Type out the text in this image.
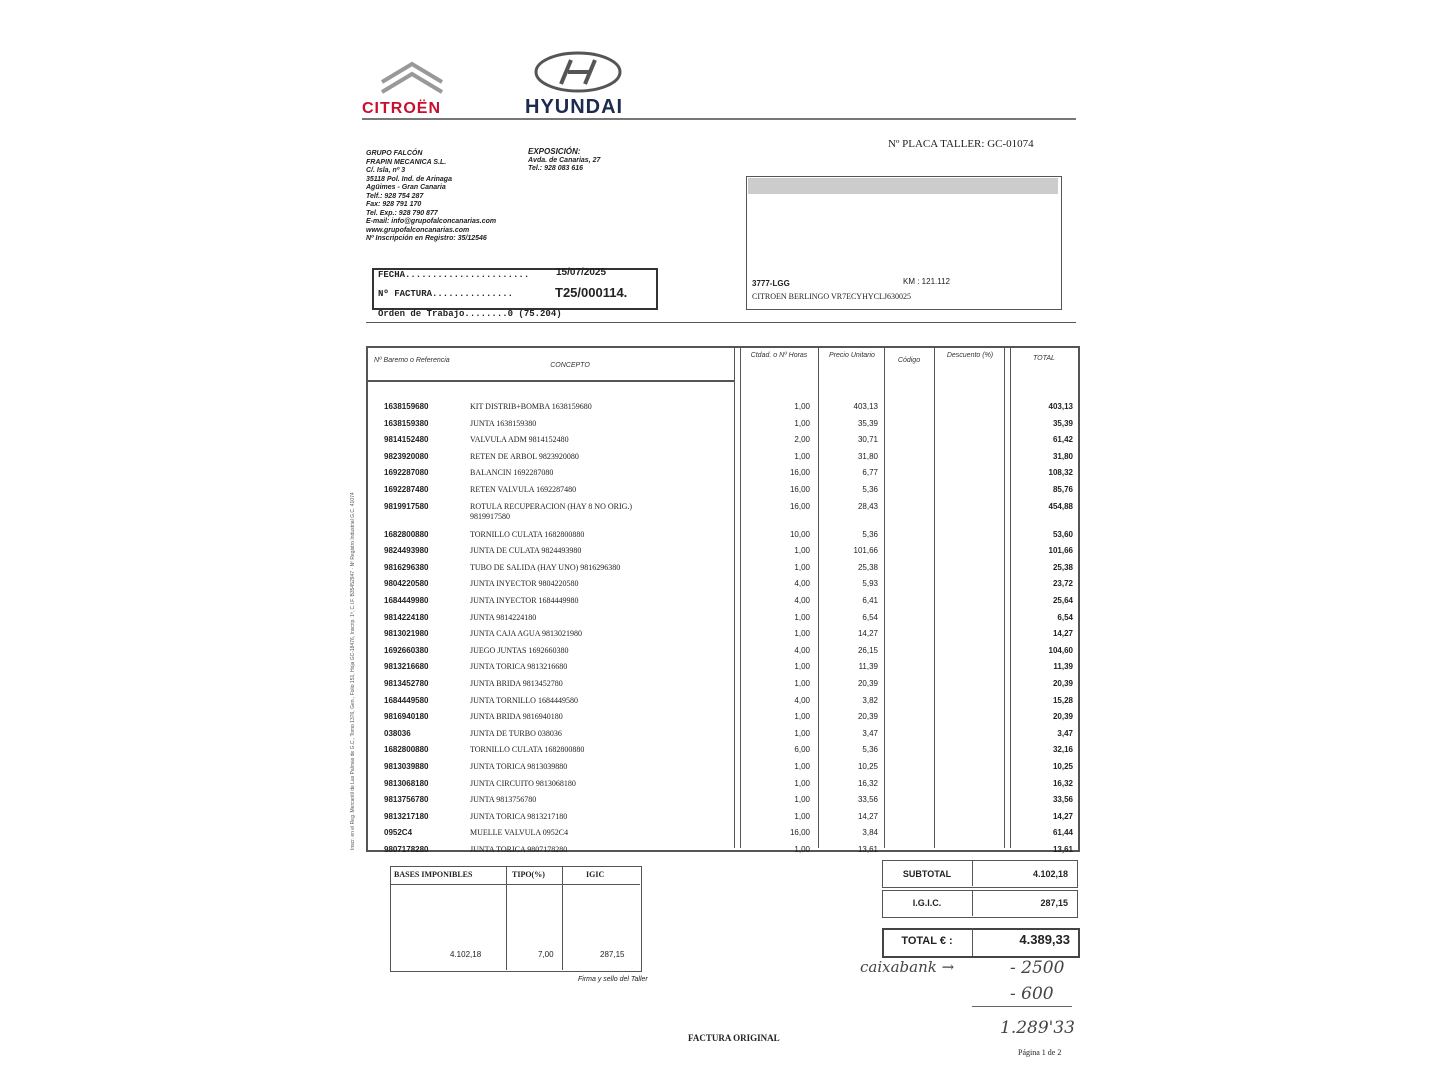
CITROËN	HYUNDAI
Nº PLACA TALLER: GC-01074
GRUPO FALCÓN
FRAPIN MECANICA S.L.
C/. Isla, nº 3
35118 Pol. Ind. de Arinaga
Agüimes - Gran Canaria
Telf.: 928 754 287
Fax: 928 791 170
Tel. Exp.: 928 790 877
E-mail: info@grupofalconcanarias.com
www.grupofalconcanarias.com
Nº Inscripción en Registro: 35/12546
EXPOSICIÓN:
Avda. de Canarias, 27
Tel.: 928 083 616
3777-LGG	KM : 121.112
CITROEN BERLINGO VR7ECYHYCLJ630025
FECHA.......................	15/07/2025
Nº FACTURA...............	T25/000114.
Orden de Trabajo........0 (75.204)
Nº Baremo o Referencia
CONCEPTO
Ctdad. o Nº Horas	Precio Unitario
Código
Descuento (%)	TOTAL
1638159680	KIT DISTRIB+BOMBA 1638159680	1,00	403,13	403,13
1638159380	JUNTA 1638159380	1,00	35,39	35,39
9814152480	VALVULA ADM 9814152480	2,00	30,71	61,42
9823920080	RETEN DE ARBOL 9823920080	1,00	31,80	31,80
1692287080	BALANCIN 1692287080	16,00	6,77	108,32
1692287480	RETEN VALVULA 1692287480	16,00	5,36	85,76
9819917580	ROTULA RECUPERACION (HAY 8 NO ORIG.)	16,00	28,43	454,88
9819917580
1682800880	TORNILLO CULATA 1682800880	10,00	5,36	53,60
9824493980	JUNTA DE CULATA 9824493980	1,00	101,66	101,66
9816296380	TUBO DE SALIDA (HAY UNO) 9816296380	1,00	25,38	25,38
9804220580	JUNTA INYECTOR 9804220580	4,00	5,93	23,72
1684449980	JUNTA INYECTOR 1684449980	4,00	6,41	25,64
9814224180	JUNTA 9814224180	1,00	6,54	6,54
9813021980	JUNTA CAJA AGUA 9813021980	1,00	14,27	14,27
1692660380	JUEGO JUNTAS 1692660380	4,00	26,15	104,60
9813216680	JUNTA TORICA 9813216680	1,00	11,39	11,39
9813452780	JUNTA BRIDA 9813452780	1,00	20,39	20,39
1684449580	JUNTA TORNILLO 1684449580	4,00	3,82	15,28
9816940180	JUNTA BRIDA 9816940180	1,00	20,39	20,39
038036	JUNTA DE TURBO 038036	1,00	3,47	3,47
1682800880	TORNILLO CULATA 1682800880	6,00	5,36	32,16
9813039880	JUNTA TORICA 9813039880	1,00	10,25	10,25
9813068180	JUNTA CIRCUITO 9813068180	1,00	16,32	16,32
9813756780	JUNTA 9813756780	1,00	33,56	33,56
9813217180	JUNTA TORICA 9813217180	1,00	14,27	14,27
0952C4	MUELLE VALVULA 0952C4	16,00	3,84	61,44
9807178280	JUNTA TORICA 9807178280	1,00	13,61	13,61
BASES IMPONIBLES	TIPO(%)	IGIC
4.102,18	7,00	287,15
Firma y sello del Taller
SUBTOTAL	4.102,18
I.G.I.C.	287,15
TOTAL € :	4.389,33
caixabank →	- 2500
- 600
1.289'33
FACTURA ORIGINAL
Página 1 de 2
Inscr. en el Reg. Mercantil de Las Palmas de G.C., Tomo 1376, Gen., Folio 151, Hoja GC-18476, Inscrip. 1ª, C.I.F. B35452947 · Nº Registro Industrial G.C. 41074
